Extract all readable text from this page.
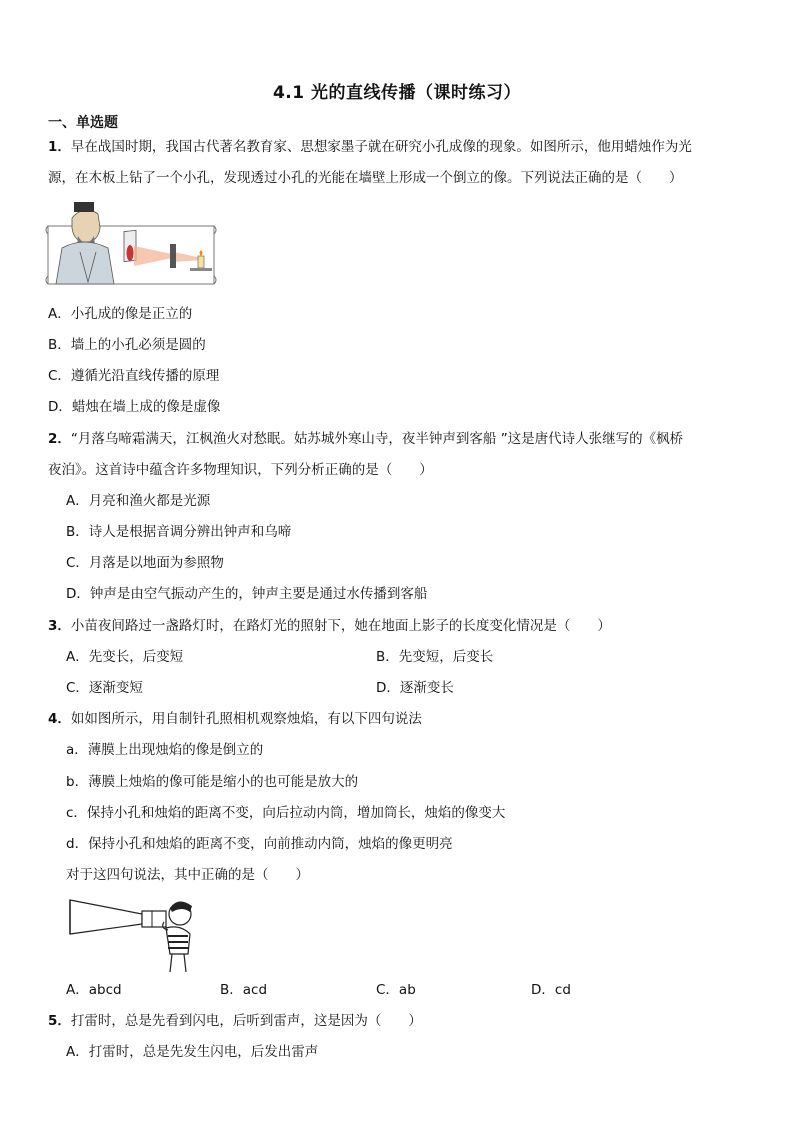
4.1 光的直线传播（课时练习）
一、单选题
1．早在战国时期，我国古代著名教育家、思想家墨子就在研究小孔成像的现象。如图所示，他用蜡烛作为光
源，在木板上钻了一个小孔，发现透过小孔的光能在墙壁上形成一个倒立的像。下列说法正确的是（　　）
A．小孔成的像是正立的
B．墙上的小孔必须是圆的
C．遵循光沿直线传播的原理
D．蜡烛在墙上成的像是虚像
2．“月落乌啼霜满天，江枫渔火对愁眠。姑苏城外寒山寺，夜半钟声到客船 ”这是唐代诗人张继写的《枫桥
夜泊》。这首诗中蕴含许多物理知识，下列分析正确的是（　　）
A．月亮和渔火都是光源
B．诗人是根据音调分辨出钟声和乌啼
C．月落是以地面为参照物
D．钟声是由空气振动产生的，钟声主要是通过水传播到客船
3．小苗夜间路过一盏路灯时，在路灯光的照射下，她在地面上影子的长度变化情况是（　　）
A．先变长，后变短	B．先变短，后变长
C．逐渐变短	D．逐渐变长
4．如如图所示，用自制针孔照相机观察烛焰，有以下四句说法
a．薄膜上出现烛焰的像是倒立的
b．薄膜上烛焰的像可能是缩小的也可能是放大的
c．保持小孔和烛焰的距离不变，向后拉动内筒，增加筒长，烛焰的像变大
d．保持小孔和烛焰的距离不变，向前推动内筒，烛焰的像更明亮
对于这四句说法，其中正确的是（　　）
A．abcd	B．acd	C．ab	D．cd
5．打雷时，总是先看到闪电，后听到雷声，这是因为（　　）
A．打雷时，总是先发生闪电，后发出雷声
